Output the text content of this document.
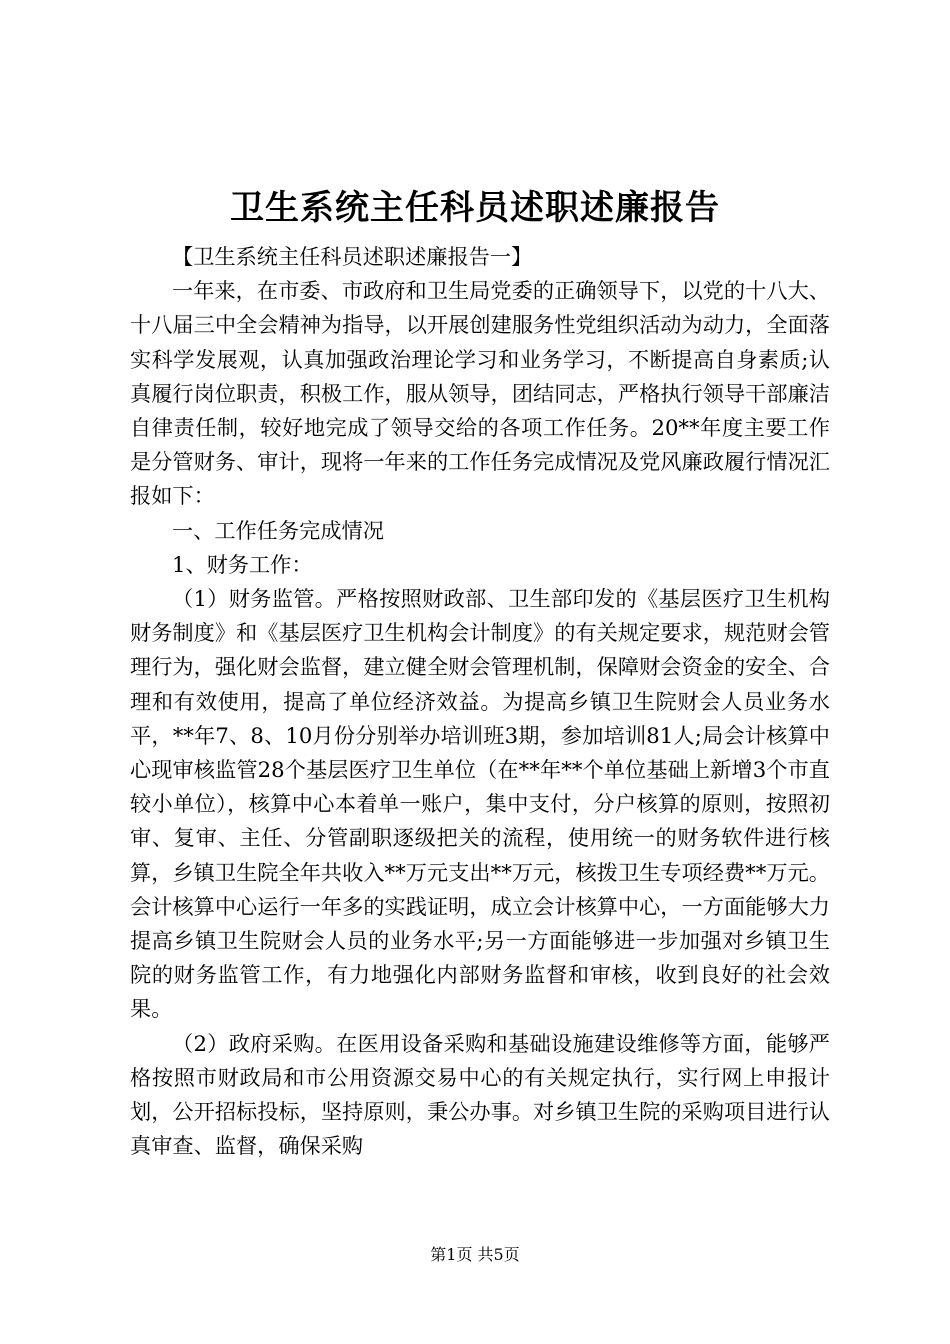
卫生系统主任科员述职述廉报告

【卫生系统主任科员述职述廉报告一】

一年来，在市委、市政府和卫生局党委的正确领导下，以党的十八大、十八届三中全会精神为指导，以开展创建服务性党组织活动为动力，全面落实科学发展观，认真加强政治理论学习和业务学习，不断提高自身素质;认真履行岗位职责，积极工作，服从领导，团结同志，严格执行领导干部廉洁自律责任制，较好地完成了领导交给的各项工作任务。20**年度主要工作是分管财务、审计，现将一年来的工作任务完成情况及党风廉政履行情况汇报如下：

一、工作任务完成情况

1、财务工作：

（1）财务监管。严格按照财政部、卫生部印发的《基层医疗卫生机构财务制度》和《基层医疗卫生机构会计制度》的有关规定要求，规范财会管理行为，强化财会监督，建立健全财会管理机制，保障财会资金的安全、合理和有效使用，提高了单位经济效益。为提高乡镇卫生院财会人员业务水平，**年7、8、10月份分别举办培训班3期，参加培训81人;局会计核算中心现审核监管28个基层医疗卫生单位（在**年**个单位基础上新增3个市直较小单位），核算中心本着单一账户，集中支付，分户核算的原则，按照初审、复审、主任、分管副职逐级把关的流程，使用统一的财务软件进行核算，乡镇卫生院全年共收入**万元支出**万元，核拨卫生专项经费**万元。会计核算中心运行一年多的实践证明，成立会计核算中心，一方面能够大力提高乡镇卫生院财会人员的业务水平;另一方面能够进一步加强对乡镇卫生院的财务监管工作，有力地强化内部财务监督和审核，收到良好的社会效果。

（2）政府采购。在医用设备采购和基础设施建设维修等方面，能够严格按照市财政局和市公用资源交易中心的有关规定执行，实行网上申报计划，公开招标投标，坚持原则，秉公办事。对乡镇卫生院的采购项目进行认真审查、监督，确保采购

第1页 共5页
